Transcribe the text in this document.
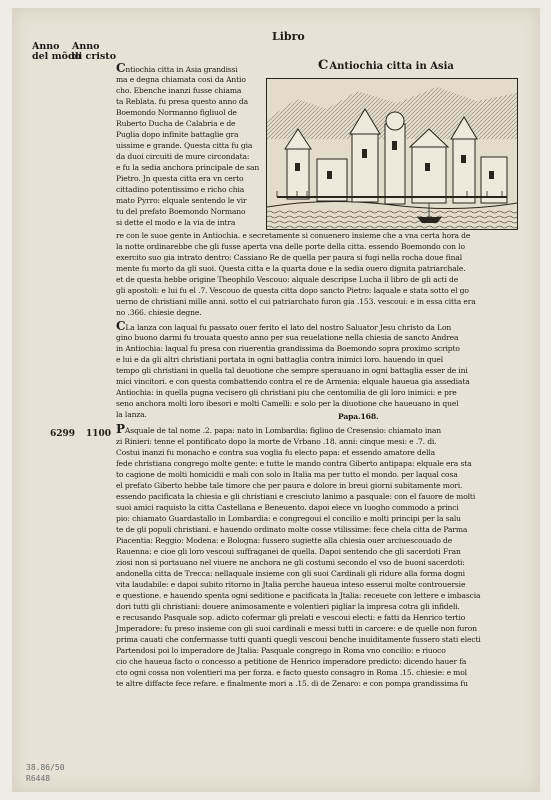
Libro
Anno
del mõdo
Anno
di cristo
CAntiochia citta in Asia
Cntiochia citta in Asia grandissi
ma e degna chiamata cosi da Antio
cho. Ebenche inanzi fusse chiama
ta Reblata. fu presa questo anno da
Boemondo Normanno figliuol de
Ruberto Ducha de Calabria e de
Puglia dopo infinite battaglie gra
uissime e grande. Questa citta fu gia
da duoi circuiti de mure circondata:
e fu la sedia anchora principale de san
Pietro. Jn questa citta era vn certo
cittadino potentissimo e richo chia
mato Pyrro: elquale sentendo le vir
tu del prefato Boemondo Normano
si dette el modo e la via de intra
re con le suoe gente in Antiochia. e secretamente si conuenero insieme che a vna certa hora de
la notte ordinarebbe che gli fusse aperta vna delle porte della citta. essendo Boemondo con lo
exercito suo gia intrato dentro: Cassiano Re de quella per paura si fugi nella rocha doue final
mente fu morto da gli suoi. Questa citta e la quarta doue e la sedia ouero dignita patriarchale.
et de questa hebbe origine Theophilo Vescouo: alquale descripse Lucha il libro de gli acti de
gli apostoli: e lui fu el .7. Vescouo de questa citta dopo sancto Pietro: laquale e stata sotto el go
uerno de christiani mille anni. sotto el cui patriarchato furon gia .153. vescoui: e in essa citta era
no .366. chiesie degne.
CLa lanza con laqual fu passato ouer ferito el lato del nostro Saluator Jesu christo da Lon
gino buono darmi fu trouata questo anno per sua reuelatione nella chiesia de sancto Andrea
in Antiochia: laqual fu presa con riuerentia grandissima da Boemondo sopra proximo scripto
e lui e da gli altri christiani portata in ogni battaglia contra inimici loro. hauendo in quel
tempo gli christiani in quella tal deuotione che sempre sperauano in ogni battaglia esser de ini
mici vincitori. e con questa combattendo contra el re de Armenia: elquale haueua gia assediata
Antiochia: in quella pugna vecisero gli christiani piu che centomilia de gli loro inimici: e pre
seno anchora molti loro ibesori e molti Camelli: e solo per la diuotione che haueuano in quel
la lanza.	Papa.168.
6299 1100 PAsquale de tal nome .2. papa: nato in Lombardia: figliuo de Cresensio: chiamato inan
zi Rinieri: tenne el pontificato dopo la morte de Vrbano .18. anni: cinque mesi: e .7. di.
Costui inanzi fu monacho e contra sua voglia fu electo papa: et essendo amatore della
fede christiana congrego molte gente: e tutte le mando contra Giberto antipapa: elquale era sta
to cagione de molti homicidii e mali con solo in Italia ma per tutto el mondo. per laqual cosa
el prefato Giberto hebbe tale timore che per paura e dolore in breui giorni subitamente mori.
essendo pacificata la chiesia e gli christiani e cresciuto lanimo a pasquale: con el fauore de molti
suoi amici raquisto la citta Castellana e Beneuento. dapoi elece vn luogho commodo a princi
pio: chiamato Guardastallo in Lombardia: e congregoui el concilio e molti principi per la salu
te de gli populi christiani. e hauendo ordinato molte cosse vtilissime: fece chela citta de Parma
Piacentia: Reggio: Modena: e Bologna: fussero sugiette alla chiesia ouer arciuescouado de
Rauenna: e cioe gli loro vescoui suffraganei de quella. Dapoi sentendo che gli sacerdoti Fran
ziosi non si portauano nel viuere ne anchora ne gli costumi secondo el vso de buoni sacerdoti:
andonella citta de Trecca: nellaquale insieme con gli suoi Cardinali gli ridure alla forma dogni
vita laudabile: e dapoi subito ritorno in Jtalia perche haueua inteso esserui molte controuersie
e questione. e hauendo spenta ogni seditione e pacificata la Jtalia: receuete con lettere e imbascia
dori tutti gli christiani: douere animosamente e volentieri pigliar la impresa cotra gli infideli.
e recusando Pasquale sop. adicto cofermar gli prelati e vescoui electi: e fatti da Henrico tertio
Jmperadore: fu preso insieme con gli suoi cardinali e messi tutti in carcere: e de quelle non furon
prima cauati che confermasse tutti quanti quegli vescoui benche inuiditamente fussero stati electi
Partendosi poi lo imperadore de Jtalia: Pasquale congrego in Roma vno concilio: e riuoco
cio che haueua facto o concesso a petitione de Henrico imperadore predicto: dicendo hauer fa
cto ogni cossa non volentieri ma per forza. e facto questo consagro in Roma .15. chiesie: e mol
te altre diffacte fece refare. e finalmente mori a .15. di de Zenaro: e con pompa grandissima fu
38.86/50
R6448
